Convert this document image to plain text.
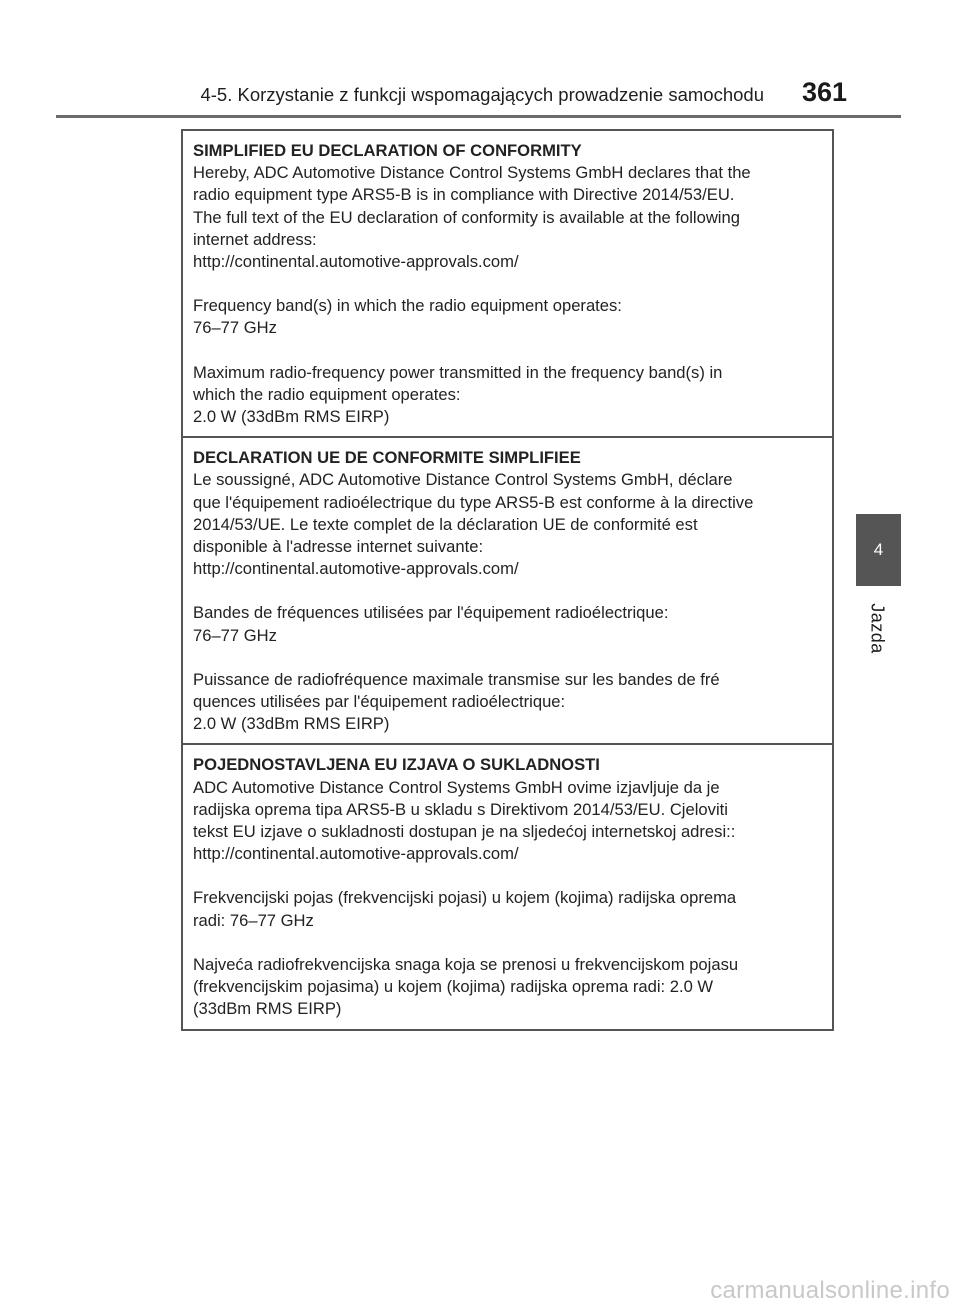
4-5. Korzystanie z funkcji wspomagających prowadzenie samochodu 361
4
Jazda

SIMPLIFIED EU DECLARATION OF CONFORMITY

Hereby, ADC Automotive Distance Control Systems GmbH declares that the

radio equipment type ARS5-B is in compliance with Directive 2014/53/EU.

The full text of the EU declaration of conformity is available at the following

internet address:

http://continental.automotive-approvals.com/

Frequency band(s) in which the radio equipment operates:

76–77 GHz

Maximum radio-frequency power transmitted in the frequency band(s) in

which the radio equipment operates:

2.0 W (33dBm RMS EIRP)

DECLARATION UE DE CONFORMITE SIMPLIFIEE

Le soussigné, ADC Automotive Distance Control Systems GmbH, déclare

que l'équipement radioélectrique du type ARS5-B est conforme à la directive

2014/53/UE. Le texte complet de la déclaration UE de conformité est

disponible à l'adresse internet suivante:

http://continental.automotive-approvals.com/

Bandes de fréquences utilisées par l'équipement radioélectrique:

76–77 GHz

Puissance de radiofréquence maximale transmise sur les bandes de fré

quences utilisées par l'équipement radioélectrique:

2.0 W (33dBm RMS EIRP)

POJEDNOSTAVLJENA EU IZJAVA O SUKLADNOSTI

ADC Automotive Distance Control Systems GmbH ovime izjavljuje da je

radijska oprema tipa ARS5-B u skladu s Direktivom 2014/53/EU. Cjeloviti

tekst EU izjave o sukladnosti dostupan je na sljedećoj internetskoj adresi::

http://continental.automotive-approvals.com/

Frekvencijski pojas (frekvencijski pojasi) u kojem (kojima) radijska oprema

radi: 76–77 GHz

Najveća radiofrekvencijska snaga koja se prenosi u frekvencijskom pojasu

(frekvencijskim pojasima) u kojem (kojima) radijska oprema radi: 2.0 W

(33dBm RMS EIRP)

carmanualsonline.info
